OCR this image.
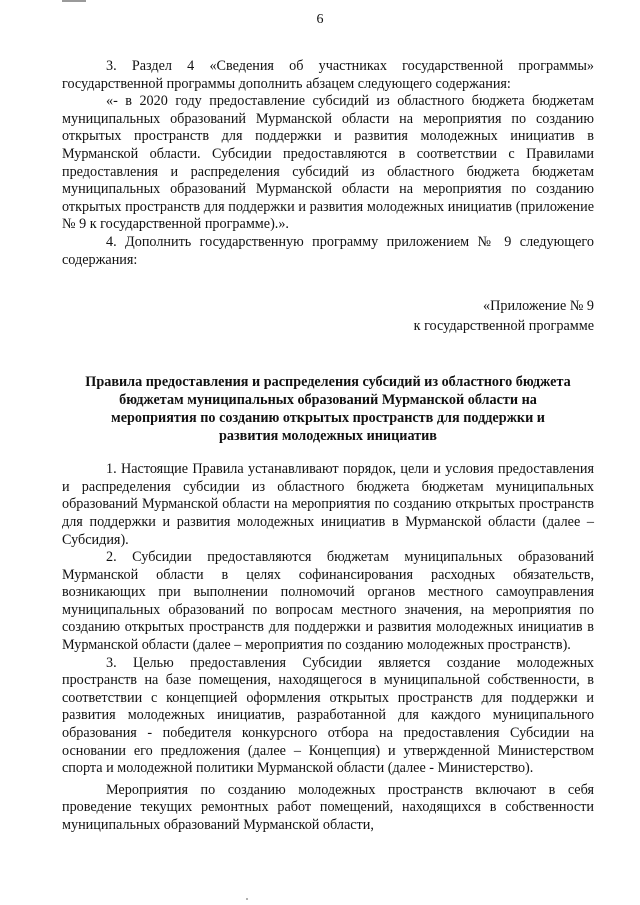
6

3. Раздел 4 «Сведения об участниках государственной программы» государственной программы дополнить абзацем следующего содержания:

«- в 2020 году предоставление субсидий из областного бюджета бюджетам муниципальных образований Мурманской области на мероприятия по созданию открытых пространств для поддержки и развития молодежных инициатив в Мурманской области. Субсидии предоставляются в соответствии с Правилами предоставления и распределения субсидий из областного бюджета бюджетам муниципальных образований Мурманской области на мероприятия по созданию открытых пространств для поддержки и развития молодежных инициатив (приложение № 9 к государственной программе).».

4. Дополнить государственную программу приложением № 9 следующего содержания:

«Приложение № 9
к государственной программе
Правила предоставления и распределения субсидий из областного бюджета
бюджетам муниципальных образований Мурманской области на
мероприятия по созданию открытых пространств для поддержки и
развития молодежных инициатив

1. Настоящие Правила устанавливают порядок, цели и условия предоставления и распределения субсидии из областного бюджета бюджетам муниципальных образований Мурманской области на мероприятия по созданию открытых пространств для поддержки и развития молодежных инициатив в Мурманской области (далее – Субсидия).

2. Субсидии предоставляются бюджетам муниципальных образований Мурманской области в целях софинансирования расходных обязательств, возникающих при выполнении полномочий органов местного самоуправления муниципальных образований по вопросам местного значения, на мероприятия по созданию открытых пространств для поддержки и развития молодежных инициатив в Мурманской области (далее – мероприятия по созданию молодежных пространств).

3. Целью предоставления Субсидии является создание молодежных пространств на базе помещения, находящегося в муниципальной собственности, в соответствии с концепцией оформления открытых пространств для поддержки и развития молодежных инициатив, разработанной для каждого муниципального образования - победителя конкурсного отбора на предоставления Субсидии на основании его предложения (далее – Концепция) и утвержденной Министерством спорта и молодежной политики Мурманской области (далее - Министерство).

Мероприятия по созданию молодежных пространств включают в себя проведение текущих ремонтных работ помещений, находящихся в собственности муниципальных образований Мурманской области,
